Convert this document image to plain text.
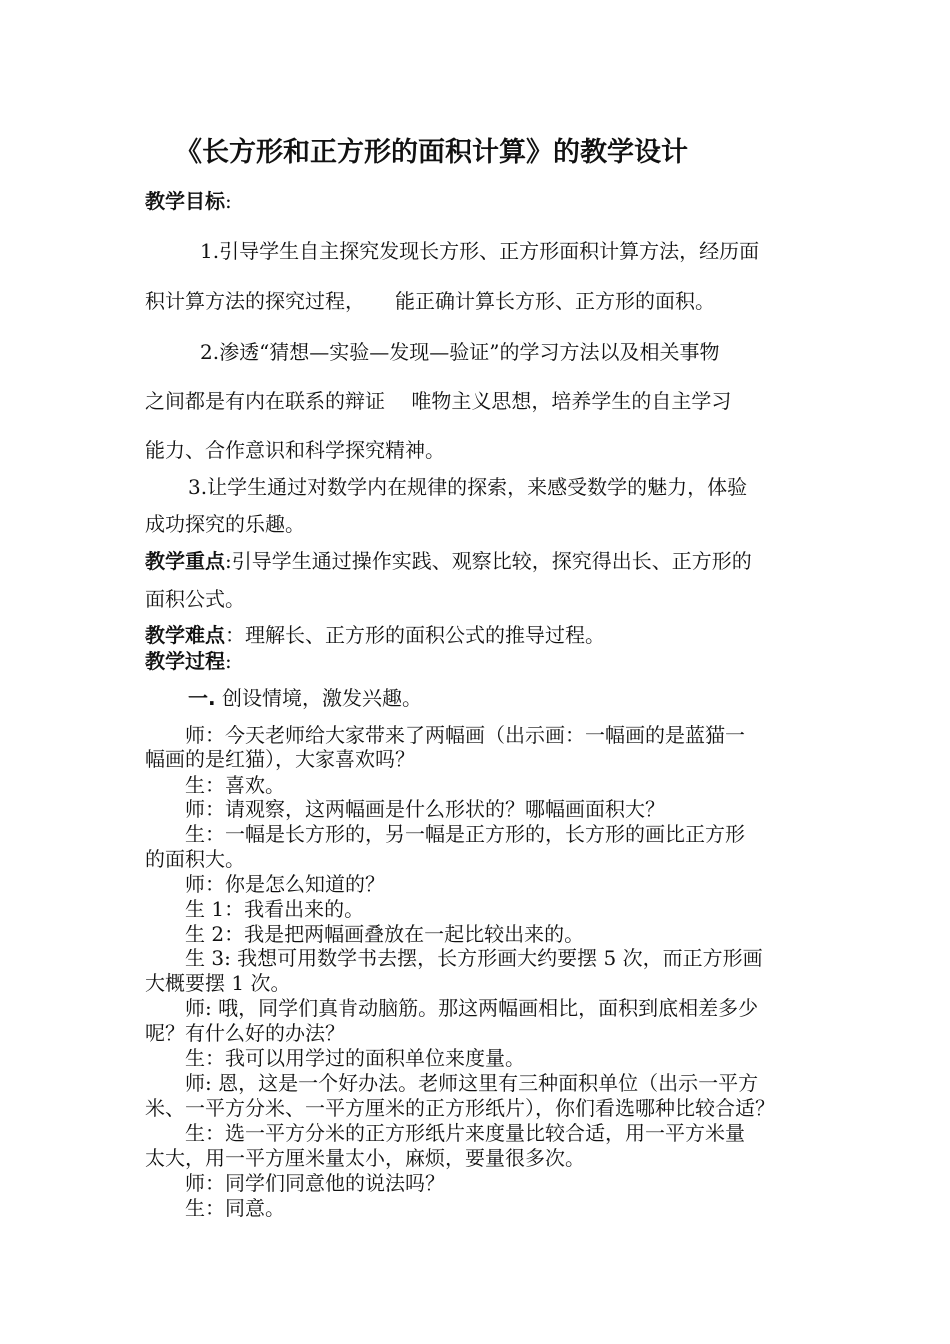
《长方形和正方形的面积计算》的教学设计
教学目标:
1.引导学生自主探究发现长方形、正方形面积计算方法，经历面
积计算方法的探究过程，　　能正确计算长方形、正方形的面积。
2.渗透“猜想—实验—发现—验证”的学习方法以及相关事物
之间都是有内在联系的辩证　 唯物主义思想，培养学生的自主学习
能力、合作意识和科学探究精神。
3.让学生通过对数学内在规律的探索，来感受数学的魅力，体验
成功探究的乐趣。
教学重点:引导学生通过操作实践、观察比较，探究得出长、正方形的
面积公式。
教学难点：理解长、正方形的面积公式的推导过程。
教学过程:
一. 创设情境，激发兴趣。
　　师：今天老师给大家带来了两幅画（出示画：一幅画的是蓝猫一
幅画的是红猫），大家喜欢吗？
　　生：喜欢。
　　师：请观察，这两幅画是什么形状的？哪幅画面积大？
　　生：一幅是长方形的，另一幅是正方形的，长方形的画比正方形
的面积大。
　　师：你是怎么知道的？
　　生 1：我看出来的。
　　生 2：我是把两幅画叠放在一起比较出来的。
　　生 3: 我想可用数学书去摆，长方形画大约要摆 5 次，而正方形画
大概要摆 1 次。
　　师: 哦，同学们真肯动脑筋。那这两幅画相比，面积到底相差多少
呢？有什么好的办法？
　　生：我可以用学过的面积单位来度量。
　　师: 恩，这是一个好办法。老师这里有三种面积单位（出示一平方
米、一平方分米、一平方厘米的正方形纸片），你们看选哪种比较合适？
　　生：选一平方分米的正方形纸片来度量比较合适，用一平方米量
太大，用一平方厘米量太小，麻烦，要量很多次。
　　师：同学们同意他的说法吗？
　　生：同意。
